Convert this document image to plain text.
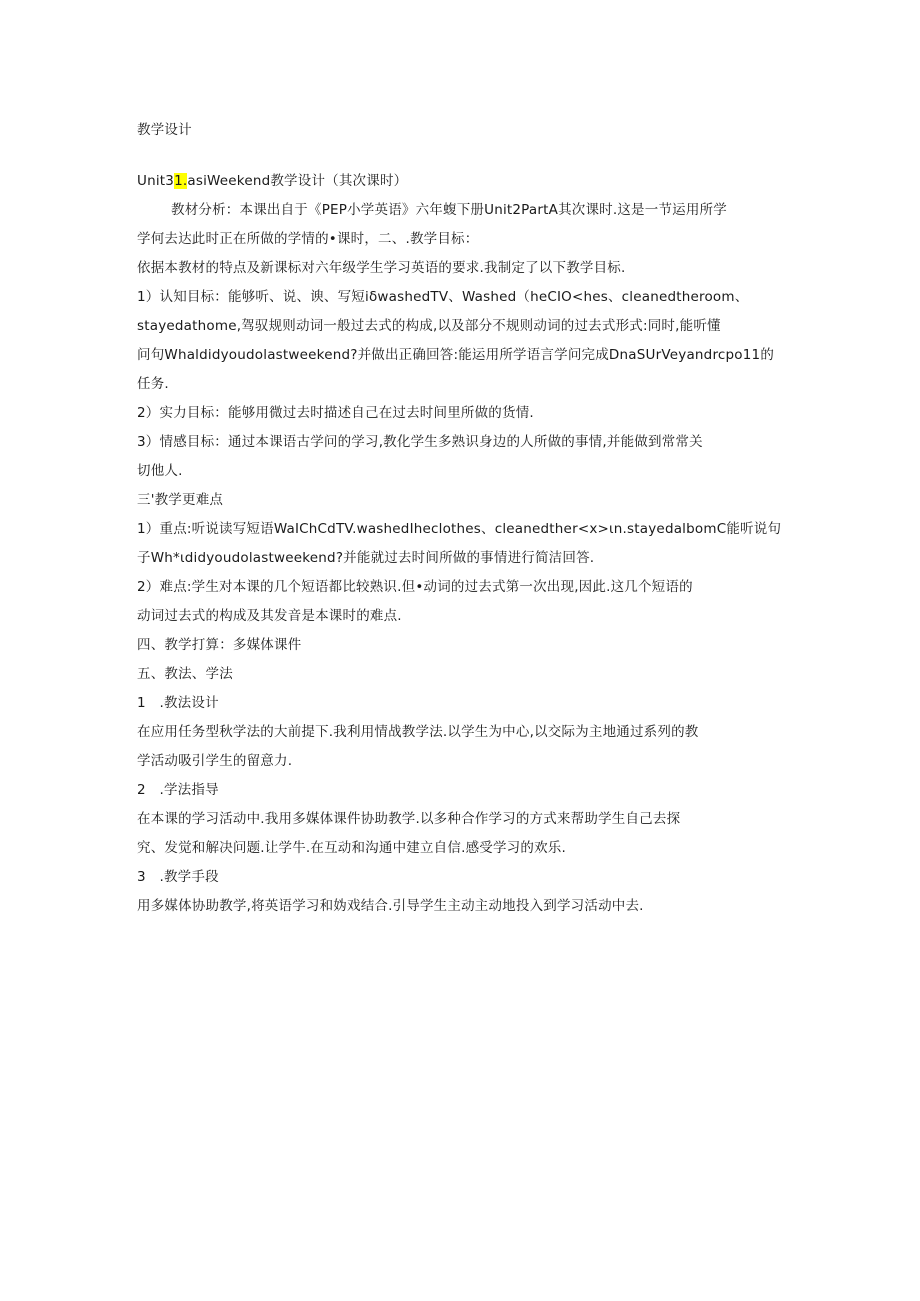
教学设计
Unit31.asiWeekend教学设计（其次课时）
教材分析：本课出自于《PEP小学英语》六年蝮下册Unit2PartA其次课时.这是一节运用所学
学何去达此时正在所做的学情的•课时，二、.教学目标：
依据本教材的特点及新课标对六年级学生学习英语的要求.我制定了以下教学目标.
1）认知目标：能够听、说、谀、写短iδwashedTV、Washed（heCIO<hes、cleanedtheroom、
stayedathome,驾驭规则动词一般过去式的构成,以及部分不规则动词的过去式形式:同时,能听懂
问句Whaldidyoudolastweekend?并做出正确回答:能运用所学语言学问完成DnaSUrVeyandrcpo11的
任务.
2）实力目标：能够用微过去时描述自己在过去时间里所做的货情.
3）情感目标：通过本课语古学问的学习,教化学生多熟识身边的人所做的事情,并能做到常常关
切他人.
三'教学更难点
1）重点:听说读写短语WaIChCdTV.washedIheclothes、cleanedther<x>ιn.stayedalbomC能听说句
子Wh*ιdidyoudolastweekend?并能就过去时间所做的事情进行简洁回答.
2）难点:学生对本课的几个短语都比较熟识.但•动词的过去式第一次出现,因此.这几个短语的
动词过去式的构成及其发音是本课时的难点.
四、教学打算：多媒体课件
五、教法、学法
1　.教法设计
在应用任务型秋学法的大前提下.我利用情战教学法.以学生为中心,以交际为主地通过系列的教
学活动吸引学生的留意力.
2　.学法指导
在本课的学习活动中.我用多媒体课件协助教学.以多种合作学习的方式来帮助学生自己去探
究、发觉和解决问题.让学牛.在互动和沟通中建立自信.感受学习的欢乐.
3　.教学手段
用多媒体协助教学,将英语学习和妫戏结合.引导学生主动主动地投入到学习活动中去.
